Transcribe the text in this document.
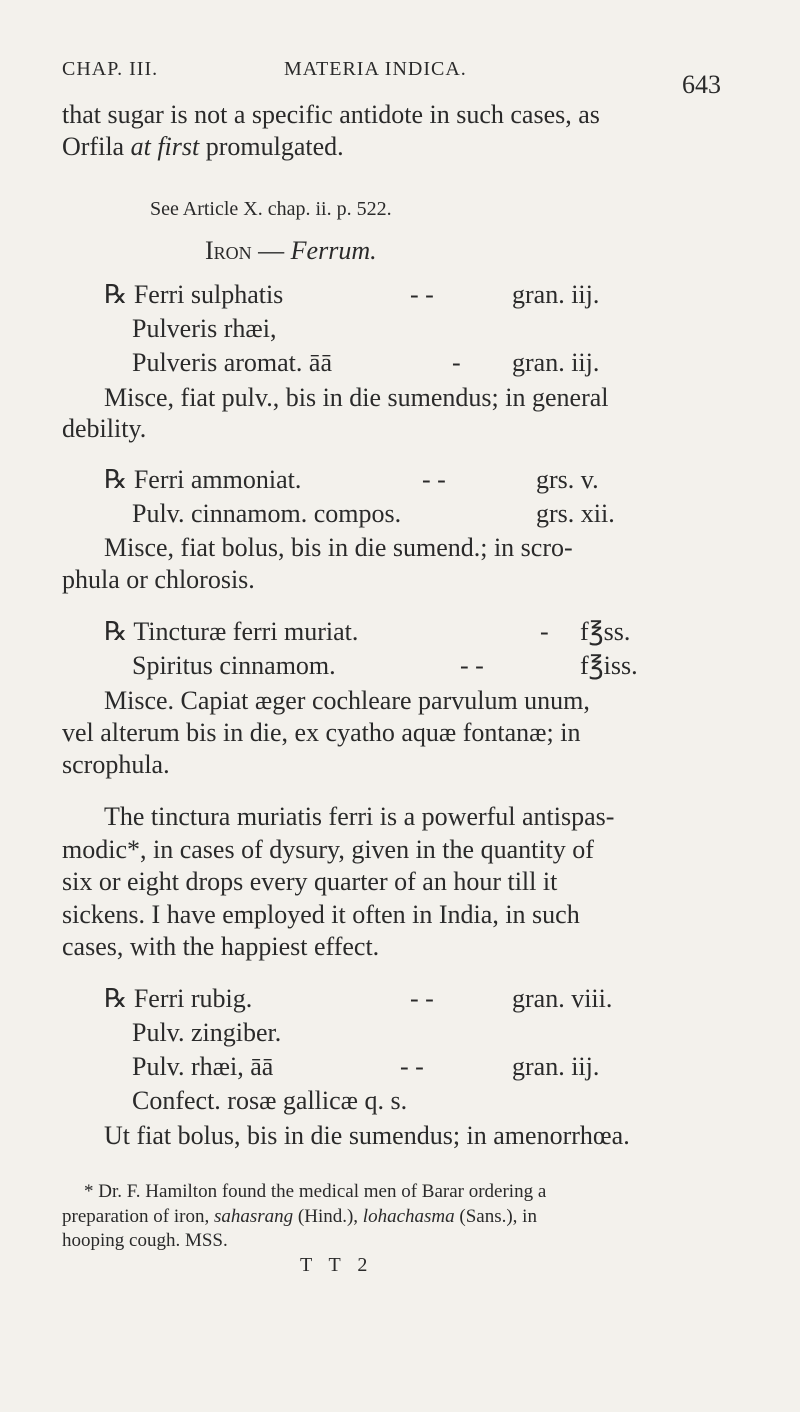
CHAP. III.	MATERIA INDICA.
643
that sugar is not a specific antidote in such cases, as
Orfila at first promulgated.
See Article X. chap. ii. p. 522.
Iron — Ferrum.
℞ Ferri sulphatis	- -	gran. iij.
Pulveris rhæi,
Pulveris aromat. āā	- gran. iij.
Misce, fiat pulv., bis in die sumendus; in general
debility.
℞ Ferri ammoniat.	- -	grs. v.
Pulv. cinnamom. compos.	grs. xii.
Misce, fiat bolus, bis in die sumend.; in scro-
phula or chlorosis.
℞ Tincturæ ferri muriat.	- f℥ss.
Spiritus cinnamom.	- -	f℥iss.
Misce. Capiat æger cochleare parvulum unum,
vel alterum bis in die, ex cyatho aquæ fontanæ; in
scrophula.
The tinctura muriatis ferri is a powerful antispas-
modic*, in cases of dysury, given in the quantity of
six or eight drops every quarter of an hour till it
sickens. I have employed it often in India, in such
cases, with the happiest effect.
℞ Ferri rubig.	- -	gran. viii.
Pulv. zingiber.
Pulv. rhæi, āā	- -	gran. iij.
Confect. rosæ gallicæ q. s.
Ut fiat bolus, bis in die sumendus; in amenorrhœa.
* Dr. F. Hamilton found the medical men of Barar ordering a
preparation of iron, sahasrang (Hind.), lohachasma (Sans.), in
hooping cough. MSS.
T T 2
